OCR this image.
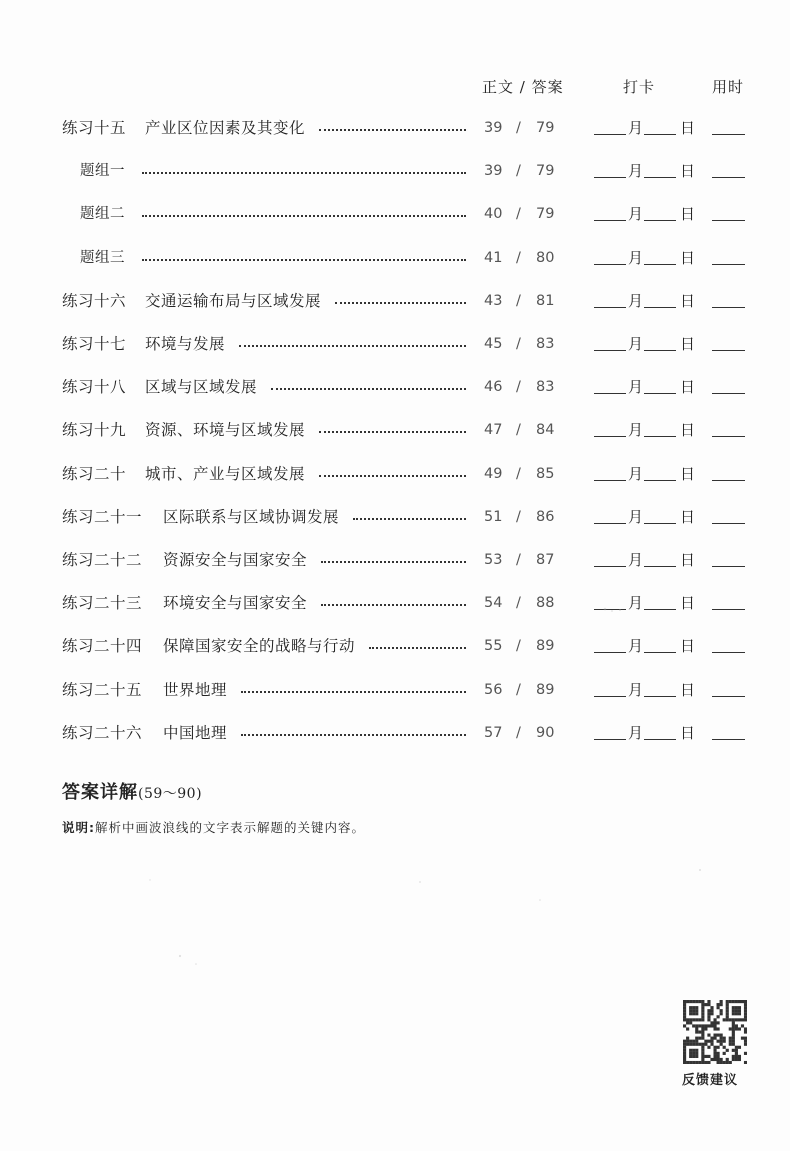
正文 / 答案	打卡	用时
练习十五 产业区位因素及其变化	39 / 79	月 日
题组一	39 / 79	月 日
题组二	40 / 79	月 日
题组三	41 / 80	月 日
练习十六 交通运输布局与区域发展	43 / 81	月 日
练习十七 环境与发展	45 / 83	月 日
练习十八 区域与区域发展	46 / 83	月 日
练习十九 资源、环境与区域发展	47 / 84	月 日
练习二十 城市、产业与区域发展	49 / 85	月 日
练习二十一 区际联系与区域协调发展	51 / 86	月 日
练习二十二 资源安全与国家安全	53 / 87	月 日
练习二十三 环境安全与国家安全	54 / 88	月 日
练习二十四 保障国家安全的战略与行动	55 / 89	月 日
练习二十五 世界地理	56 / 89	月 日
练习二十六 中国地理	57 / 90	月 日
答案详解(59～90)
说明:解析中画波浪线的文字表示解题的关键内容。
反馈建议
